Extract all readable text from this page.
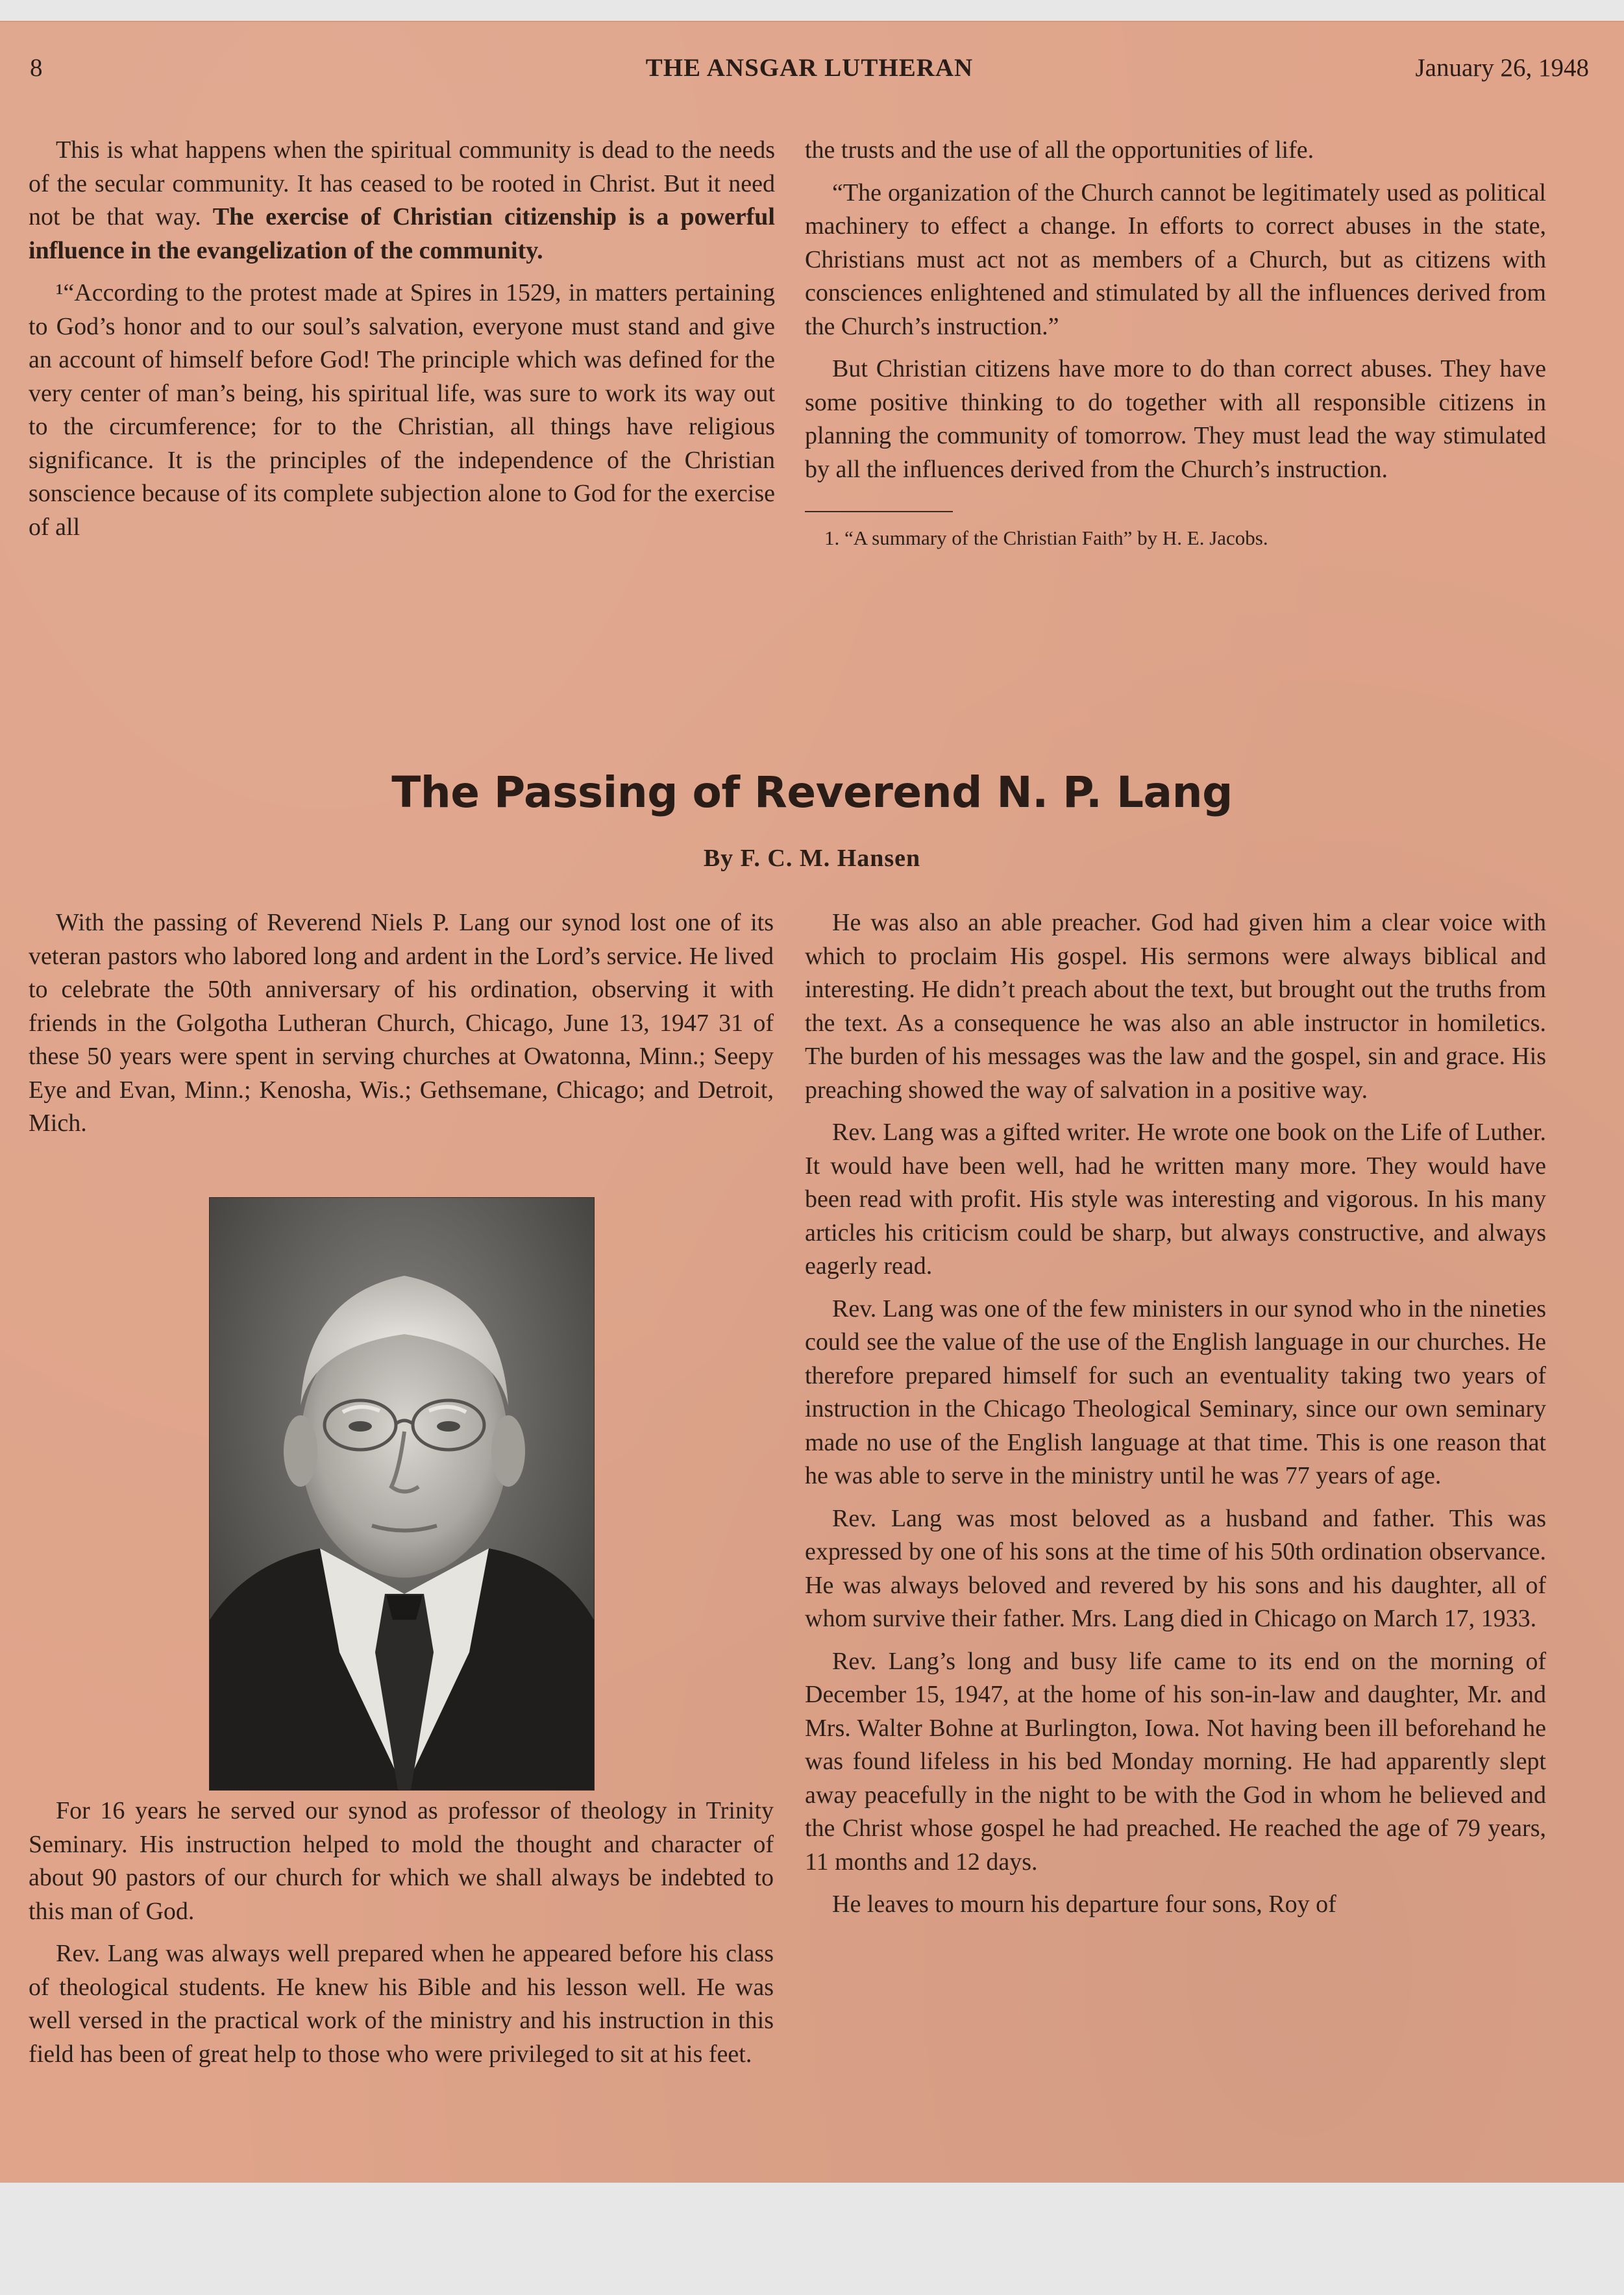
8	THE ANSGAR LUTHERAN	January 26, 1948

This is what happens when the spiritual community is dead to the needs of the secular community. It has ceased to be rooted in Christ. But it need not be that way. The exercise of Christian citizenship is a powerful influence in the evangelization of the community.

¹“According to the protest made at Spires in 1529, in matters pertaining to God’s honor and to our soul’s salvation, everyone must stand and give an account of himself before God! The principle which was defined for the very center of man’s being, his spiritual life, was sure to work its way out to the circumference; for to the Christian, all things have religious significance. It is the principles of the independence of the Christian sonscience because of its complete subjection alone to God for the exercise of all

the trusts and the use of all the opportunities of life.

“The organization of the Church cannot be legitimately used as political machinery to effect a change. In efforts to correct abuses in the state, Christians must act not as members of a Church, but as citizens with consciences enlightened and stimulated by all the influences derived from the Church’s instruction.”

But Christian citizens have more to do than correct abuses. They have some positive thinking to do together with all responsible citizens in planning the community of tomorrow. They must lead the way stimulated by all the influences derived from the Church’s instruction.

1. “A summary of the Christian Faith” by H. E. Jacobs.

The Passing of Reverend N. P. Lang
By F. C. M. Hansen

With the passing of Reverend Niels P. Lang our synod lost one of its veteran pastors who labored long and ardent in the Lord’s service. He lived to celebrate the 50th anniversary of his ordination, observing it with friends in the Golgotha Lutheran Church, Chicago, June 13, 1947 31 of these 50 years were spent in serving churches at Owatonna, Minn.; Seepy Eye and Evan, Minn.; Kenosha, Wis.; Gethsemane, Chicago; and Detroit, Mich.

For 16 years he served our synod as professor of theology in Trinity Seminary. His instruction helped to mold the thought and character of about 90 pastors of our church for which we shall always be indebted to this man of God.

Rev. Lang was always well prepared when he appeared before his class of theological students. He knew his Bible and his lesson well. He was well versed in the practical work of the ministry and his instruction in this field has been of great help to those who were privileged to sit at his feet.

He was also an able preacher. God had given him a clear voice with which to proclaim His gospel. His sermons were always biblical and interesting. He didn’t preach about the text, but brought out the truths from the text. As a consequence he was also an able instructor in homiletics. The burden of his messages was the law and the gospel, sin and grace. His preaching showed the way of salvation in a positive way.

Rev. Lang was a gifted writer. He wrote one book on the Life of Luther. It would have been well, had he written many more. They would have been read with profit. His style was interesting and vigorous. In his many articles his criticism could be sharp, but always constructive, and always eagerly read.

Rev. Lang was one of the few ministers in our synod who in the nineties could see the value of the use of the English language in our churches. He therefore prepared himself for such an eventuality taking two years of instruction in the Chicago Theological Seminary, since our own seminary made no use of the English language at that time. This is one reason that he was able to serve in the ministry until he was 77 years of age.

Rev. Lang was most beloved as a husband and father. This was expressed by one of his sons at the time of his 50th ordination observance. He was always beloved and revered by his sons and his daughter, all of whom survive their father. Mrs. Lang died in Chicago on March 17, 1933.

Rev. Lang’s long and busy life came to its end on the morning of December 15, 1947, at the home of his son-in-law and daughter, Mr. and Mrs. Walter Bohne at Burlington, Iowa. Not having been ill beforehand he was found lifeless in his bed Monday morning. He had apparently slept away peacefully in the night to be with the God in whom he believed and the Christ whose gospel he had preached. He reached the age of 79 years, 11 months and 12 days.

He leaves to mourn his departure four sons, Roy of
